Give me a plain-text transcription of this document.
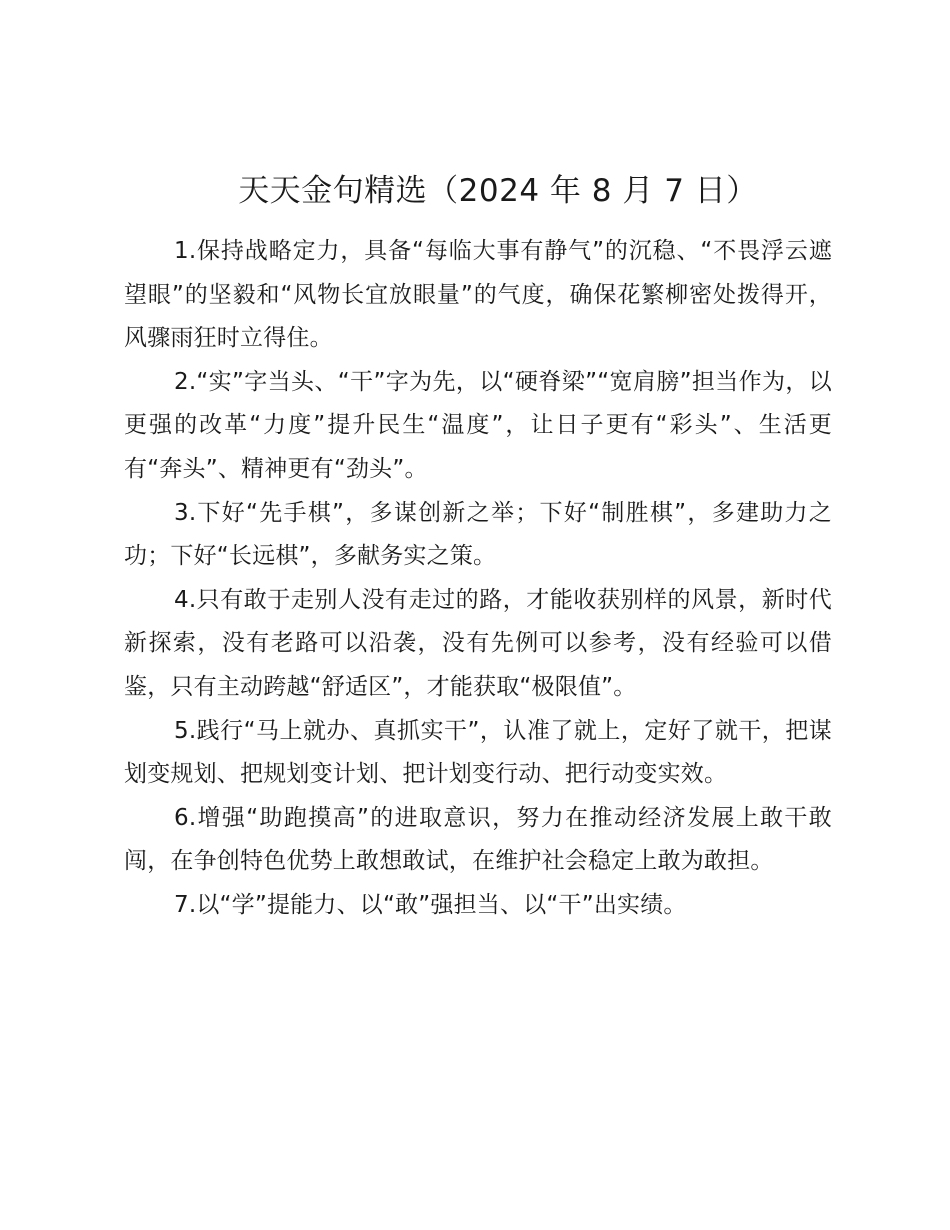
天天金句精选（2024 年 8 月 7 日）

1.保持战略定力，具备“每临大事有静气”的沉稳、“不畏浮云遮望眼”的坚毅和“风物长宜放眼量”的气度，确保花繁柳密处拨得开，风骤雨狂时立得住。

2.“实”字当头、“干”字为先，以“硬脊梁”“宽肩膀”担当作为，以更强的改革“力度”提升民生“温度”，让日子更有“彩头”、生活更有“奔头”、精神更有“劲头”。

3.下好“先手棋”，多谋创新之举；下好“制胜棋”，多建助力之功；下好“长远棋”，多献务实之策。

4.只有敢于走别人没有走过的路，才能收获别样的风景，新时代新探索，没有老路可以沿袭，没有先例可以参考，没有经验可以借鉴，只有主动跨越“舒适区”，才能获取“极限值”。

5.践行“马上就办、真抓实干”，认准了就上，定好了就干，把谋划变规划、把规划变计划、把计划变行动、把行动变实效。

6.增强“助跑摸高”的进取意识，努力在推动经济发展上敢干敢闯，在争创特色优势上敢想敢试，在维护社会稳定上敢为敢担。

7.以“学”提能力、以“敢”强担当、以“干”出实绩。
